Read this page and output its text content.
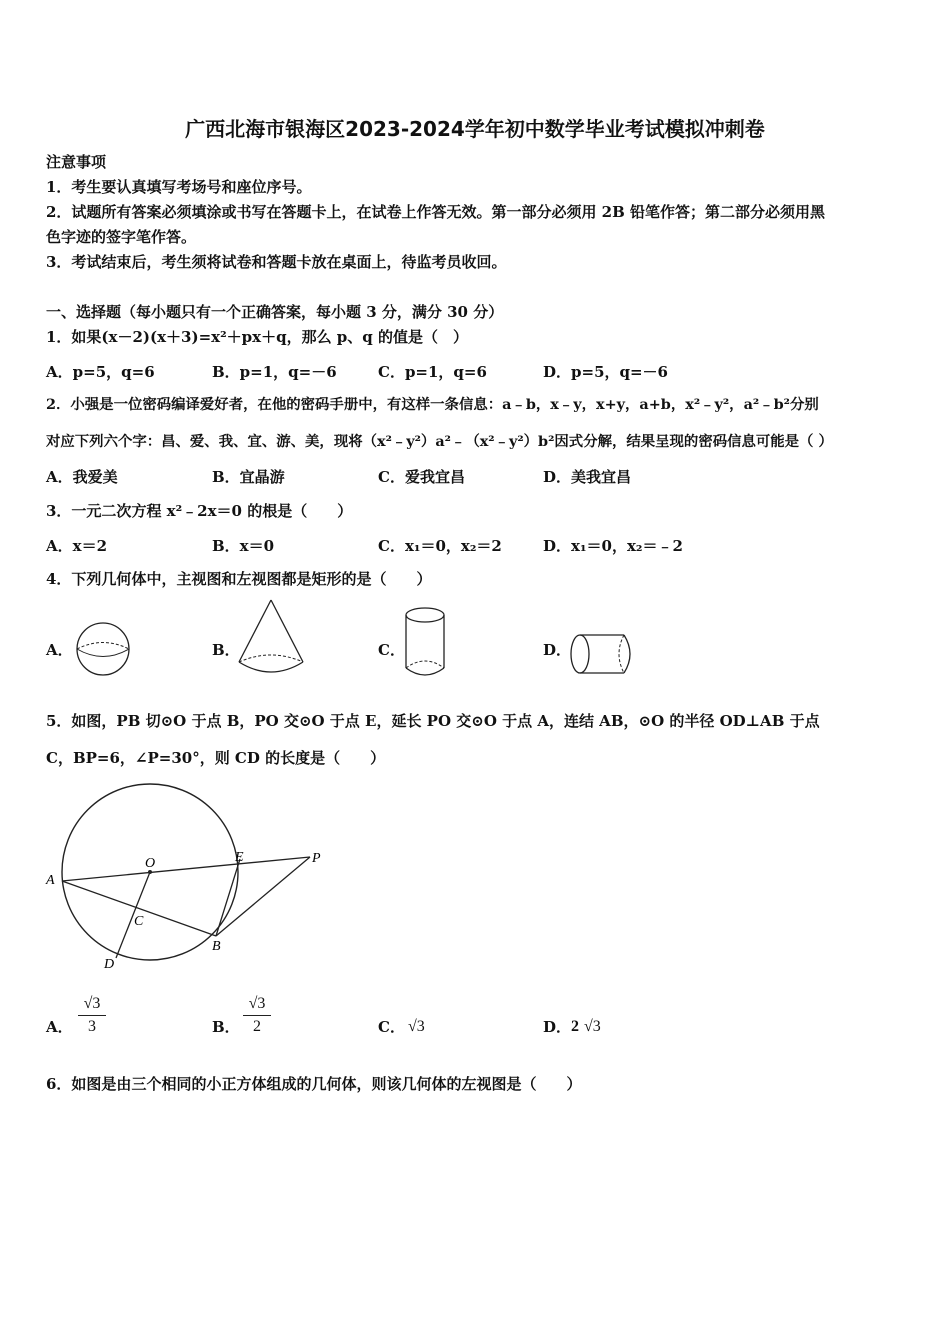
广西北海市银海区2023-2024学年初中数学毕业考试模拟冲刺卷
注意事项
1．考生要认真填写考场号和座位序号。
2．试题所有答案必须填涂或书写在答题卡上，在试卷上作答无效。第一部分必须用 2B 铅笔作答；第二部分必须用黑
色字迹的签字笔作答。
3．考试结束后，考生须将试卷和答题卡放在桌面上，待监考员收回。
一、选择题（每小题只有一个正确答案，每小题 3 分，满分 30 分）
1．如果(x－2)(x＋3)=x²＋px＋q，那么 p、q 的值是（　）
A．p=5，q=6	B．p=1，q=－6	C．p=1，q=6	D．p=5，q=－6
2．小强是一位密码编译爱好者，在他的密码手册中，有这样一条信息：a﹣b，x﹣y，x+y，a+b，x²﹣y²，a²﹣b²分别
对应下列六个字：昌、爱、我、宜、游、美，现将（x²﹣y²）a²﹣（x²﹣y²）b²因式分解，结果呈现的密码信息可能是（ ）
A．我爱美	B．宜晶游	C．爱我宜昌	D．美我宜昌
3．一元二次方程 x²﹣2x＝0 的根是（　　）
A．x＝2	B．x＝0	C．x₁＝0，x₂＝2	D．x₁＝0，x₂＝﹣2
4．下列几何体中，主视图和左视图都是矩形的是（　　）
A．	B．	C．	D．
5．如图，PB 切⊙O 于点 B，PO 交⊙O 于点 E，延长 PO 交⊙O 于点 A，连结 AB，⊙O 的半径 OD⊥AB 于点
C，BP=6，∠P=30°，则 CD 的长度是（　　）
A
O	E	P
C
B
D
A．
√3
3	B．
√3
2	C． √3	D． 2 √3
6．如图是由三个相同的小正方体组成的几何体，则该几何体的左视图是（　　）
